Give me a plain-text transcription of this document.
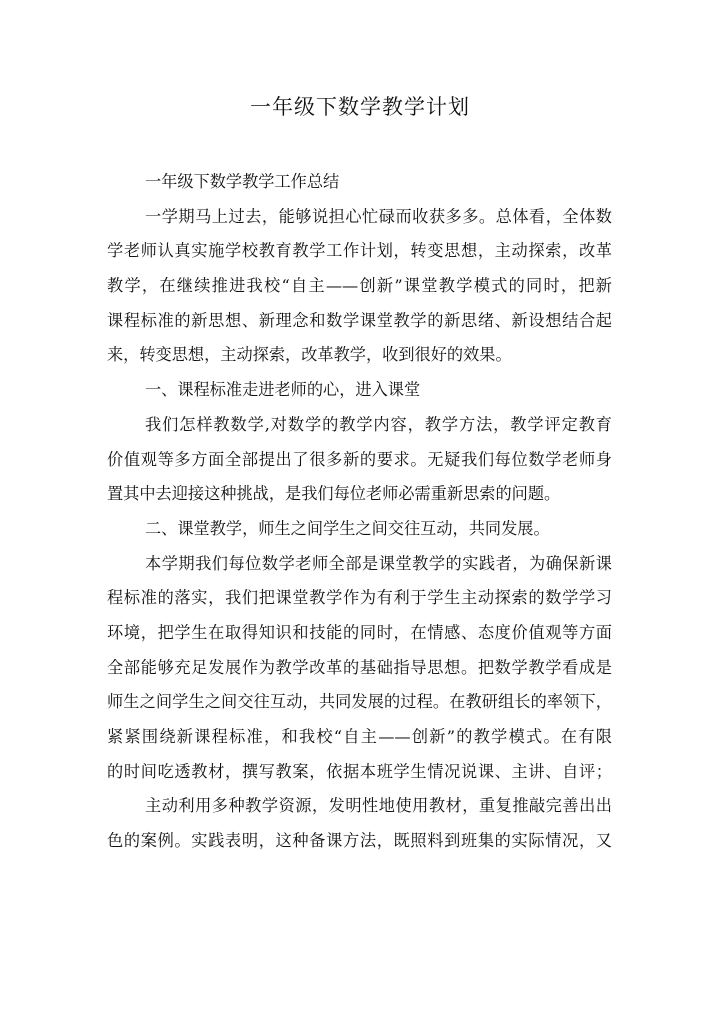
一年级下数学教学计划
一年级下数学教学工作总结
一学期马上过去，能够说担心忙碌而收获多多。总体看，全体数
学老师认真实施学校教育教学工作计划，转变思想，主动探索，改革
教学，在继续推进我校“自主——创新”课堂教学模式的同时，把新
课程标准的新思想、新理念和数学课堂教学的新思绪、新设想结合起
来，转变思想，主动探索，改革教学，收到很好的效果。
一、课程标准走进老师的心，进入课堂
我们怎样教数学,对数学的教学内容，教学方法，教学评定教育
价值观等多方面全部提出了很多新的要求。无疑我们每位数学老师身
置其中去迎接这种挑战，是我们每位老师必需重新思索的问题。
二、课堂教学，师生之间学生之间交往互动，共同发展。
本学期我们每位数学老师全部是课堂教学的实践者，为确保新课
程标准的落实，我们把课堂教学作为有利于学生主动探索的数学学习
环境，把学生在取得知识和技能的同时，在情感、态度价值观等方面
全部能够充足发展作为教学改革的基础指导思想。把数学教学看成是
师生之间学生之间交往互动，共同发展的过程。在教研组长的率领下，
紧紧围绕新课程标准，和我校“自主——创新”的教学模式。在有限
的时间吃透教材，撰写教案，依据本班学生情况说课、主讲、自评；
主动利用多种教学资源，发明性地使用教材，重复推敲完善出出
色的案例。实践表明，这种备课方法，既照料到班集的实际情况，又
